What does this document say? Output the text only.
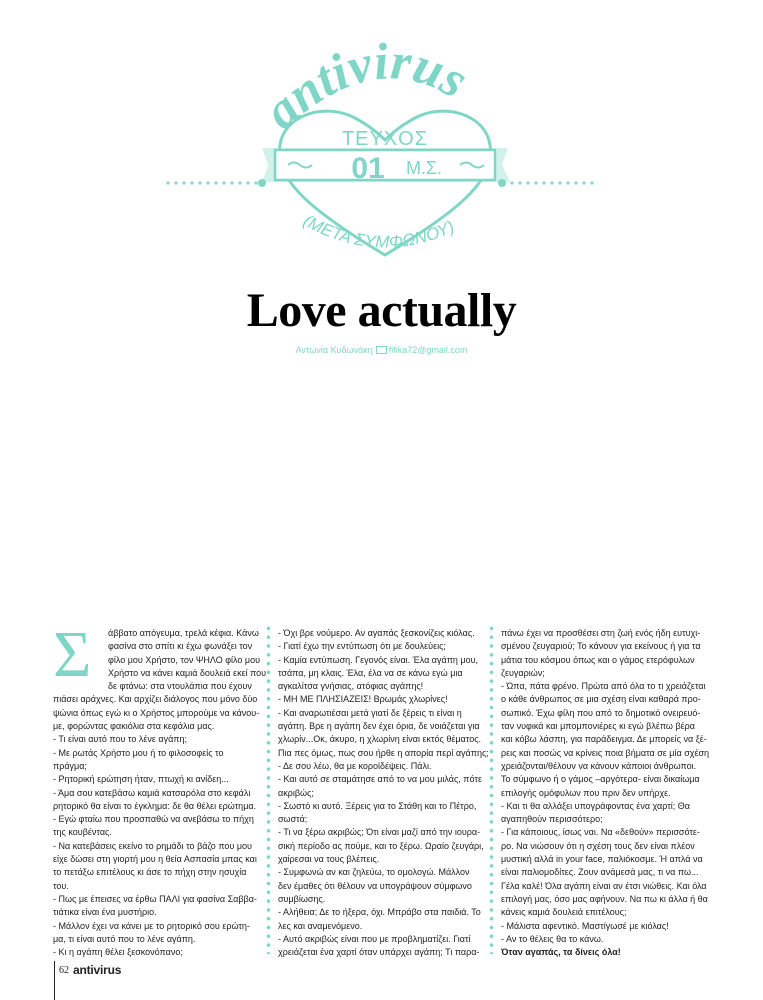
antivirus
ΤΕΥΧΟΣ
01 Μ.Σ.
(ΜΕΤΑ ΣΥΜΦΩΝΟΥ)
Love actually
Αντωνία Κυδωνάκη fifika72@gmail.com
Σ	άββατο απόγευμα, τρελά κέφια. Κάνω

φασίνα στο σπίτι κι έχω φωνάξει τον

φίλο μου Χρήστο, τον ΨΗΛΟ φίλο μου

Χρήστο να κάνει καμιά δουλειά εκεί που

δε φτάνω: στα ντουλάπια που έχουν

πιάσει αράχνες. Και αρχίζει διάλογος που μόνο δύο

ψώνια όπως εγώ κι ο Χρήστος μπορούμε να κάνου-

με, φορώντας φακιόλια στα κεφάλια μας.

- Τι είναι αυτό που το λένε αγάπη;

- Με ρωτάς Χρήστο μου ή το φιλοσοφείς το

πράγμα;

- Ρητορική ερώτηση ήταν, πτωχή κι ανίδεη...

- Άμα σου κατεβάσω καμιά κατσαρόλα στο κεφάλι

ρητορικό θα είναι το έγκλημα: δε θα θέλει ερώτημα.

- Εγώ φταίω που προσπαθώ να ανεβάσω το πήχη

της κουβέντας.

- Να κατεβάσεις εκείνο το ρημάδι το βάζο που μου

είχε δώσει στη γιορτή μου η θεία Ασπασία μπας και

το πετάξω επιτέλους κι άσε το πήχη στην ησυχία

του.

- Πως με έπεισες να έρθω ΠΑΛΙ για φασίνα Σαββα-

τιάτικα είναι ένα μυστήριο.

- Μάλλον έχει να κάνει με το ρητορικό σου ερώτη-

μα, τι είναι αυτό που το λένε αγάπη.

- Κι η αγάπη θέλει ξεσκονόπανο;

- Όχι βρε νούμερο. Αν αγαπάς ξεσκονίζεις κιόλας.

- Γιατί έχω την εντύπωση ότι με δουλεύεις;

- Καμία εντύπωση. Γεγονός είναι. Έλα αγάπη μου,

τσάπα, μη κλαις. Έλα, έλα να σε κάνω εγώ μια

αγκαλίτσα γνήσιας, ατόφιας αγάπης!

- ΜΗ ΜΕ ΠΛΗΣΙΑΖΕΙΣ! Βρωμάς χλωρίνες!

- Και αναρωτιέσαι μετά γιατί δε ξέρεις τι είναι η

αγάπη. Βρε η αγάπη δεν έχει όρια, δε νοιάζεται για

χλωρίν...Οκ, άκυρο, η χλωρίνη είναι εκτός θέματος.

Πια πες όμως, πως σου ήρθε η απορία περί αγάπης;

- Δε σου λέω, θα με κοροϊδέψεις. Πάλι.

- Και αυτό σε σταμάτησε από το να μου μιλάς, πότε

ακριβώς;

- Σωστό κι αυτό. Ξέρεις για το Στάθη και το Πέτρο,

σωστά;

- Τι να ξέρω ακριβώς; Ότι είναι μαζί από την ιουρα-

σική περίοδο ας πούμε, και το ξέρω. Ωραίο ζευγάρι,

χαίρεσαι να τους βλέπεις.

- Συμφωνώ αν και ζηλεύω, το ομολογώ. Μάλλον

δεν έμαθες ότι θέλουν να υπογράψουν σύμφωνο

συμβίωσης.

- Αλήθεια; Δε το ήξερα, όχι. Μπράβο στα παιδιά. Το

λες και αναμενόμενο.

- Αυτό ακριβώς είναι που με προβληματίζει. Γιατί

χρειάζεται ένα χαρτί όταν υπάρχει αγάπη; Τι παρα-

πάνω έχει να προσθέσει στη ζωή ενός ήδη ευτυχι-

σμένου ζευγαριού; Το κάνουν για εκείνους ή για τα

μάτια του κόσμου όπως και ο γάμος ετερόφυλων

ζευγαριών;

- Ώπα, πάτα φρένο. Πρώτα από όλα το τι χρειάζεται

ο κάθε άνθρωπος σε μια σχέση είναι καθαρά προ-

σωπικό. Έχω φίλη που από το δημοτικό ονειρευό-

ταν νυφικά και μπομπονιέρες κι εγώ βλέπω βέρα

και κόβω λάσπη, για παράδειγμα. Δε μπορείς να ξέ-

ρεις και ποσώς να κρίνεις ποια βήματα σε μία σχέση

χρειάζονται/θέλουν να κάνουν κάποιοι άνθρωποι.

Το σύμφωνο ή ο γάμος –αργότερα- είναι δικαίωμα

επιλογής ομόφυλων που πριν δεν υπήρχε.

- Και τι θα αλλάξει υπογράφοντας ένα χαρτί; Θα

αγαπηθούν περισσότερο;

- Για κάποιους, ίσως ναι. Να «δεθούν» περισσότε-

ρο. Να νιώσουν ότι η σχέση τους δεν είναι πλέον

μυστική αλλά in your face, παλιόκοσμε. Ή απλά να

είναι παλιομοδίτες. Ζουν ανάμεσά μας, τι να πω...

Γέλα καλέ! Όλα αγάπη είναι αν έτσι νιώθεις. Και όλα

επιλογή μας, όσο μας αφήνουν. Να πω κι άλλα ή θα

κάνεις καμιά δουλειά επιτέλους;

- Μάλιστα αφεντικό. Μαστίγωσέ με κιόλας!

- Αν το θέλεις θα το κάνω.

Όταν αγαπάς, τα δίνεις όλα!

62 antivirus
